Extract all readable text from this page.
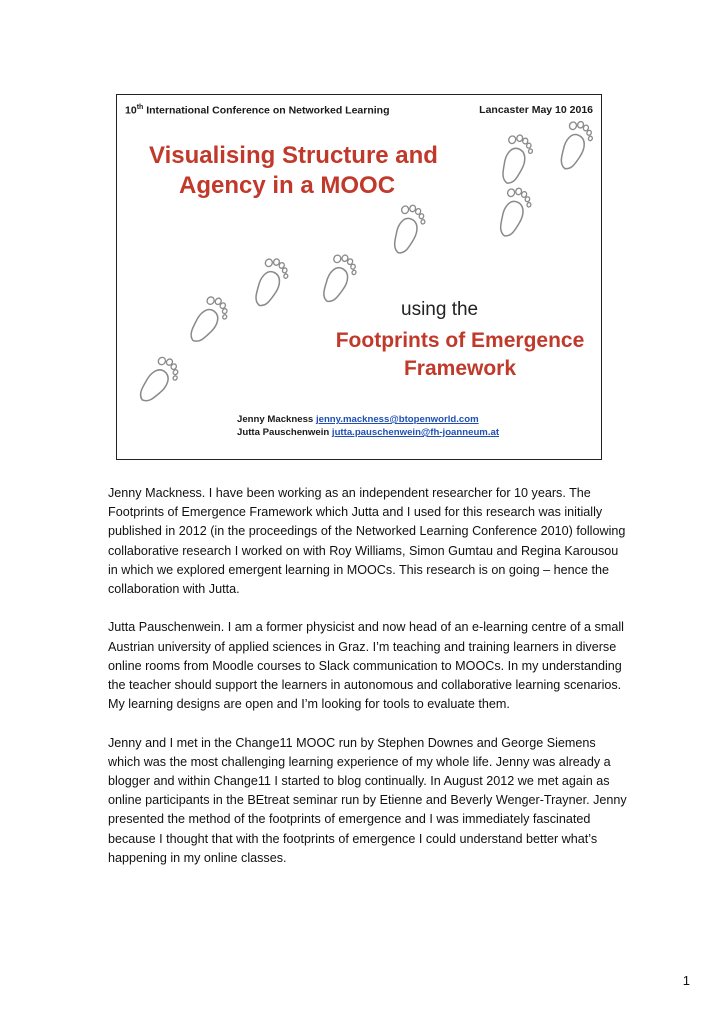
10th International Conference on Networked Learning	Lancaster May 10 2016
Visualising Structure and
Agency in a MOOC
using the
Footprints of Emergence
Framework
Jenny Mackness jenny.mackness@btopenworld.com
Jutta Pauschenwein jutta.pauschenwein@fh-joanneum.at

Jenny Mackness. I have been working as an independent researcher for 10 years. The Footprints of Emergence Framework which Jutta and I used for this research was initially published in 2012 (in the proceedings of the Networked Learning Conference 2010) following collaborative research I worked on with Roy Williams, Simon Gumtau and Regina Karousou in which we explored emergent learning in MOOCs. This research is on going – hence the collaboration with Jutta.

Jutta Pauschenwein. I am a former physicist and now head of an e-learning centre of a small Austrian university of applied sciences in Graz. I’m teaching and training learners in diverse online rooms from Moodle courses to Slack communication to MOOCs. In my understanding the teacher should support the learners in autonomous and collaborative learning scenarios. My learning designs are open and I’m looking for tools to evaluate them.

Jenny and I met in the Change11 MOOC run by Stephen Downes and George Siemens which was the most challenging learning experience of my whole life. Jenny was already a blogger and within Change11 I started to blog continually. In August 2012 we met again as online participants in the BEtreat seminar run by Etienne and Beverly Wenger-Trayner. Jenny presented the method of the footprints of emergence and I was immediately fascinated because I thought that with the footprints of emergence I could understand better what’s happening in my online classes.

1
